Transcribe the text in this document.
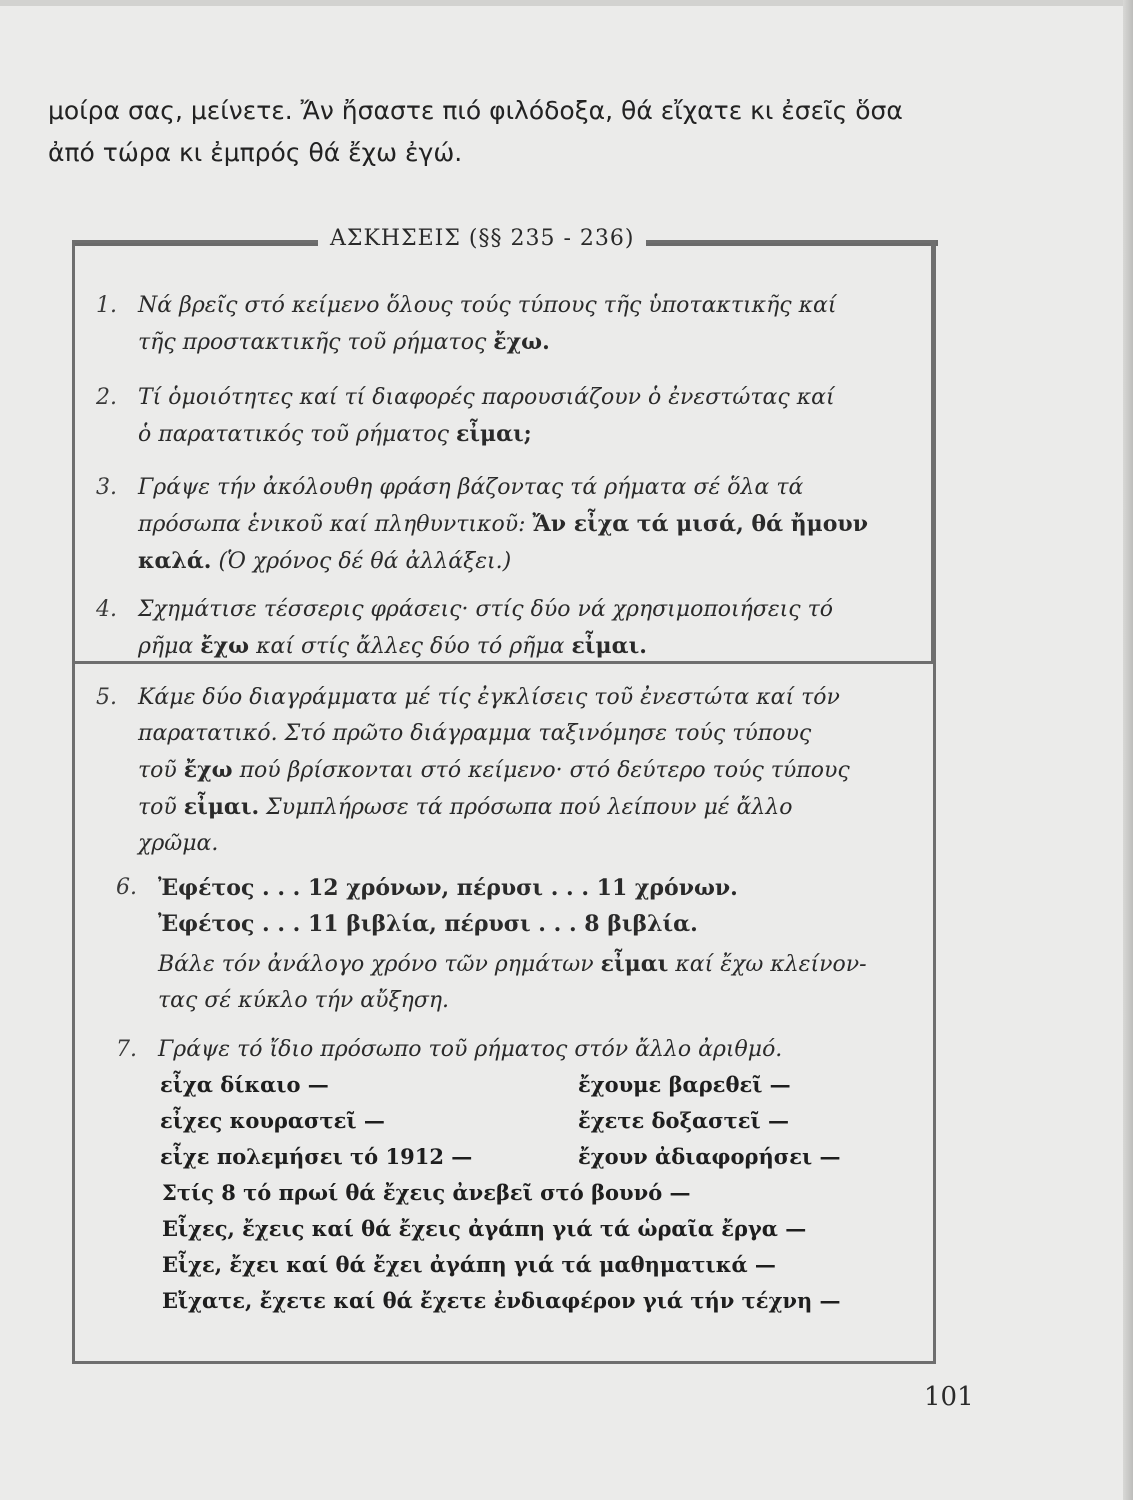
μοίρα σας, μείνετε. Ἄν ἤσαστε πιό φιλόδοξα, θά εἴχατε κι ἐσεῖς ὅσα
ἀπό τώρα κι ἐμπρός θά ἔχω ἐγώ.
ΑΣΚΗΣΕΙΣ (§§ 235 - 236)
1. Νά βρεῖς στό κείμενο ὅλους τούς τύπους τῆς ὑποτακτικῆς καί
τῆς προστακτικῆς τοῦ ρήματος ἔχω.
2. Τί ὁμοιότητες καί τί διαφορές παρουσιάζουν ὁ ἐνεστώτας καί
ὁ παρατατικός τοῦ ρήματος εἶμαι;
3. Γράψε τήν ἀκόλουθη φράση βάζοντας τά ρήματα σέ ὅλα τά
πρόσωπα ἑνικοῦ καί πληθυντικοῦ: Ἄν εἶχα τά μισά, θά ἤμουν
καλά. (Ὁ χρόνος δέ θά ἀλλάξει.)
4. Σχημάτισε τέσσερις φράσεις· στίς δύο νά χρησιμοποιήσεις τό
ρῆμα ἔχω καί στίς ἄλλες δύο τό ρῆμα εἶμαι.
5. Κάμε δύο διαγράμματα μέ τίς ἐγκλίσεις τοῦ ἐνεστώτα καί τόν
παρατατικό. Στό πρῶτο διάγραμμα ταξινόμησε τούς τύπους
τοῦ ἔχω πού βρίσκονται στό κείμενο· στό δεύτερο τούς τύπους
τοῦ εἶμαι. Συμπλήρωσε τά πρόσωπα πού λείπουν μέ ἄλλο
χρῶμα.
6. Ἐφέτος . . . 12 χρόνων, πέρυσι . . . 11 χρόνων.
Ἐφέτος . . . 11 βιβλία, πέρυσι . . . 8 βιβλία.
Βάλε τόν ἀνάλογο χρόνο τῶν ρημάτων εἶμαι καί ἔχω κλείνον-
τας σέ κύκλο τήν αὔξηση.
7. Γράψε τό ἴδιο πρόσωπο τοῦ ρήματος στόν ἄλλο ἀριθμό.
εἶχα δίκαιο —
εἶχες κουραστεῖ —
εἶχε πολεμήσει τό 1912 —
ἔχουμε βαρεθεῖ —
ἔχετε δοξαστεῖ —
ἔχουν ἀδιαφορήσει —
Στίς 8 τό πρωί θά ἔχεις ἀνεβεῖ στό βουνό —
Εἶχες, ἔχεις καί θά ἔχεις ἀγάπη γιά τά ὡραῖα ἔργα —
Εἶχε, ἔχει καί θά ἔχει ἀγάπη γιά τά μαθηματικά —
Εἴχατε, ἔχετε καί θά ἔχετε ἐνδιαφέρον γιά τήν τέχνη —
101
